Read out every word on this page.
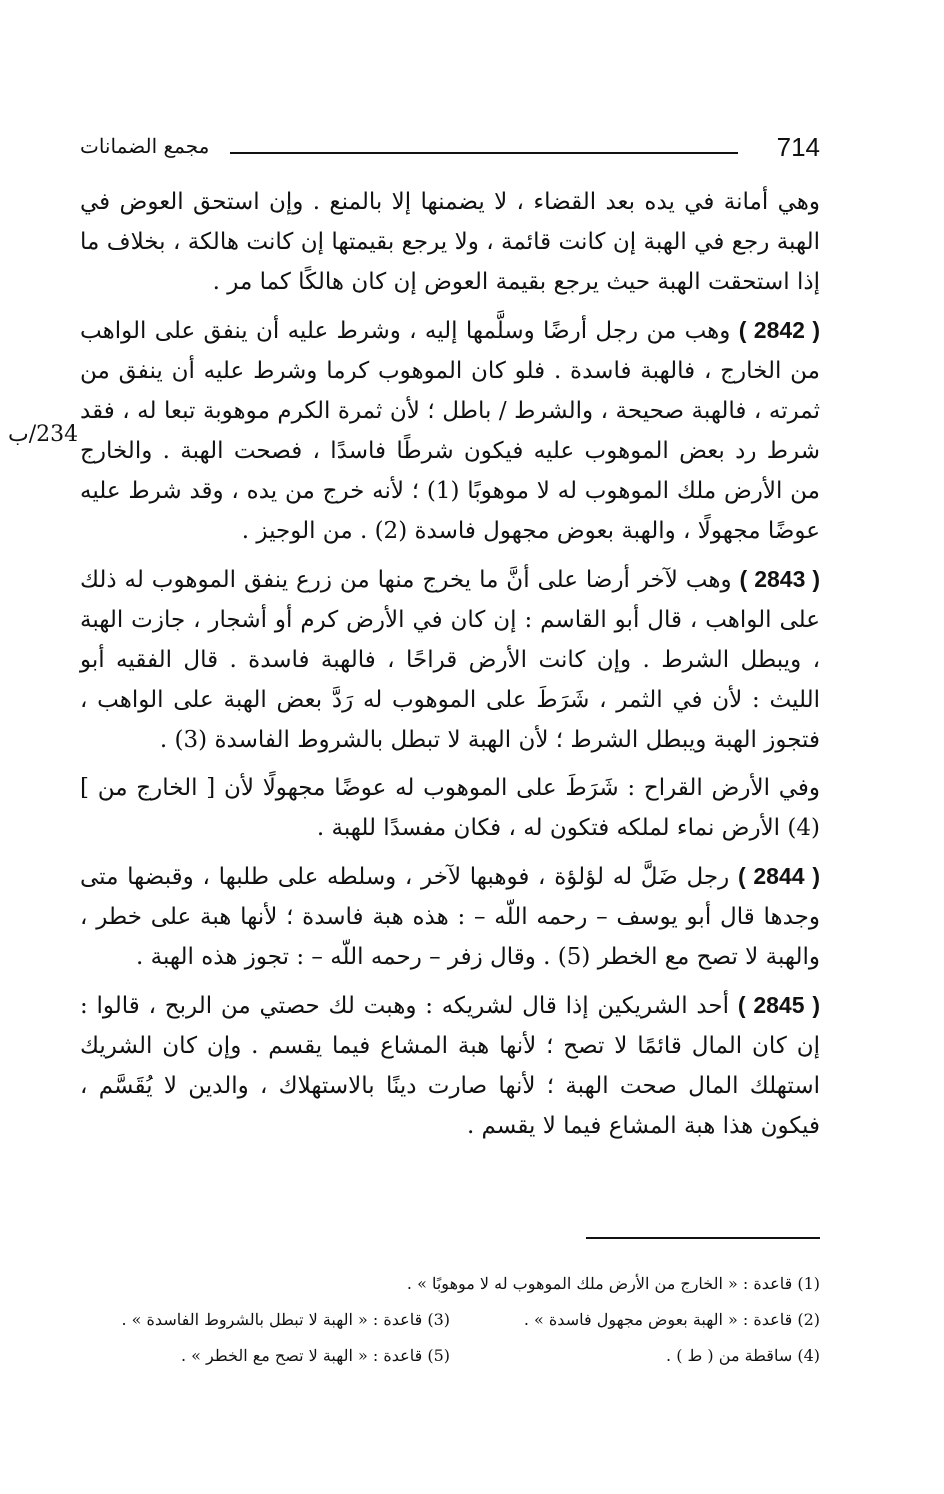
مجمع الضمانات	714
234/ب

وهي أمانة في يده بعد القضاء ، لا يضمنها إلا بالمنع . وإن استحق العوض في الهبة رجع في الهبة إن كانت قائمة ، ولا يرجع بقيمتها إن كانت هالكة ، بخلاف ما إذا استحقت الهبة حيث يرجع بقيمة العوض إن كان هالكًا كما مر .

( 2842 ) وهب من رجل أرضًا وسلَّمها إليه ، وشرط عليه أن ينفق على الواهب من الخارج ، فالهبة فاسدة . فلو كان الموهوب كرما وشرط عليه أن ينفق من ثمرته ، فالهبة صحيحة ، والشرط / باطل ؛ لأن ثمرة الكرم موهوبة تبعا له ، فقد شرط رد بعض الموهوب عليه فيكون شرطًا فاسدًا ، فصحت الهبة . والخارج من الأرض ملك الموهوب له لا موهوبًا (1) ؛ لأنه خرج من يده ، وقد شرط عليه عوضًا مجهولًا ، والهبة بعوض مجهول فاسدة (2) . من الوجيز .

( 2843 ) وهب لآخر أرضا على أنَّ ما يخرج منها من زرع ينفق الموهوب له ذلك على الواهب ، قال أبو القاسم : إن كان في الأرض كرم أو أشجار ، جازت الهبة ، ويبطل الشرط . وإن كانت الأرض قراحًا ، فالهبة فاسدة . قال الفقيه أبو الليث : لأن في الثمر ، شَرَطَ على الموهوب له رَدَّ بعض الهبة على الواهب ، فتجوز الهبة ويبطل الشرط ؛ لأن الهبة لا تبطل بالشروط الفاسدة (3) .

وفي الأرض القراح : شَرَطَ على الموهوب له عوضًا مجهولًا لأن [ الخارج من ] (4) الأرض نماء لملكه فتكون له ، فكان مفسدًا للهبة .

( 2844 ) رجل ضَلَّ له لؤلؤة ، فوهبها لآخر ، وسلطه على طلبها ، وقبضها متى وجدها قال أبو يوسف – رحمه اللّه – : هذه هبة فاسدة ؛ لأنها هبة على خطر ، والهبة لا تصح مع الخطر (5) . وقال زفر – رحمه اللّه – : تجوز هذه الهبة .

( 2845 ) أحد الشريكين إذا قال لشريكه : وهبت لك حصتي من الربح ، قالوا : إن كان المال قائمًا لا تصح ؛ لأنها هبة المشاع فيما يقسم . وإن كان الشريك استهلك المال صحت الهبة ؛ لأنها صارت دينًا بالاستهلاك ، والدين لا يُقَسَّم ، فيكون هذا هبة المشاع فيما لا يقسم .

(1) قاعدة : « الخارج من الأرض ملك الموهوب له لا موهوبًا » .
(2) قاعدة : « الهبة بعوض مجهول فاسدة » .
(3) قاعدة : « الهبة لا تبطل بالشروط الفاسدة » .
(4) ساقطة من ( ط ) .
(5) قاعدة : « الهبة لا تصح مع الخطر » .
